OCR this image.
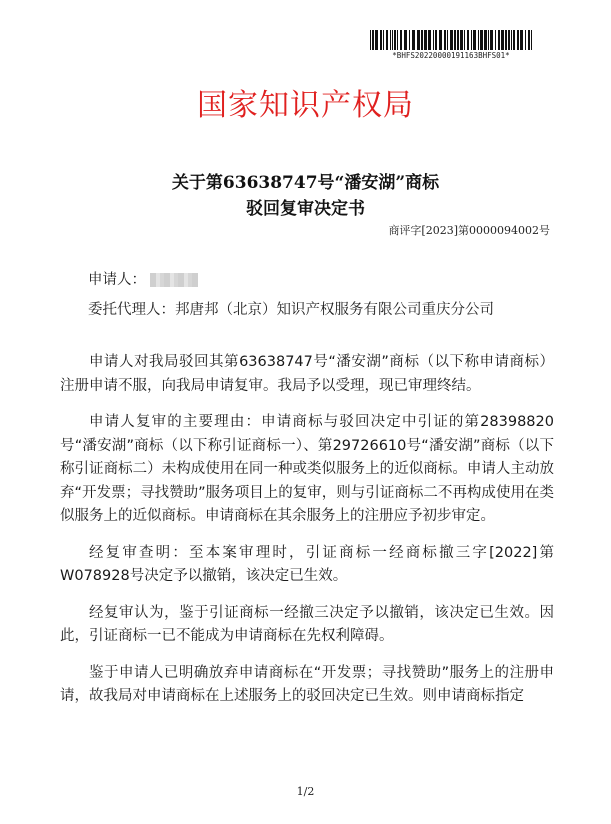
*BHFS20220000191163BHFS01*
国家知识产权局
关于第63638747号“潘安湖”商标
驳回复审决定书
商评字[2023]第0000094002号
申请人：
委托代理人：邦唐邦（北京）知识产权服务有限公司重庆分公司

申请人对我局驳回其第63638747号“潘安湖”商标（以下称申请商标）注册申请不服，向我局申请复审。我局予以受理，现已审理终结。

申请人复审的主要理由：申请商标与驳回决定中引证的第28398820号“潘安湖”商标（以下称引证商标一）、第29726610号“潘安湖”商标（以下称引证商标二）未构成使用在同一种或类似服务上的近似商标。申请人主动放弃“开发票；寻找赞助”服务项目上的复审，则与引证商标二不再构成使用在类似服务上的近似商标。申请商标在其余服务上的注册应予初步审定。

经复审查明：至本案审理时，引证商标一经商标撤三字[2022]第W078928号决定予以撤销，该决定已生效。

经复审认为，鉴于引证商标一经撤三决定予以撤销，该决定已生效。因此，引证商标一已不能成为申请商标在先权利障碍。

鉴于申请人已明确放弃申请商标在“开发票；寻找赞助”服务上的注册申请，故我局对申请商标在上述服务上的驳回决定已生效。则申请商标指定

1/2
